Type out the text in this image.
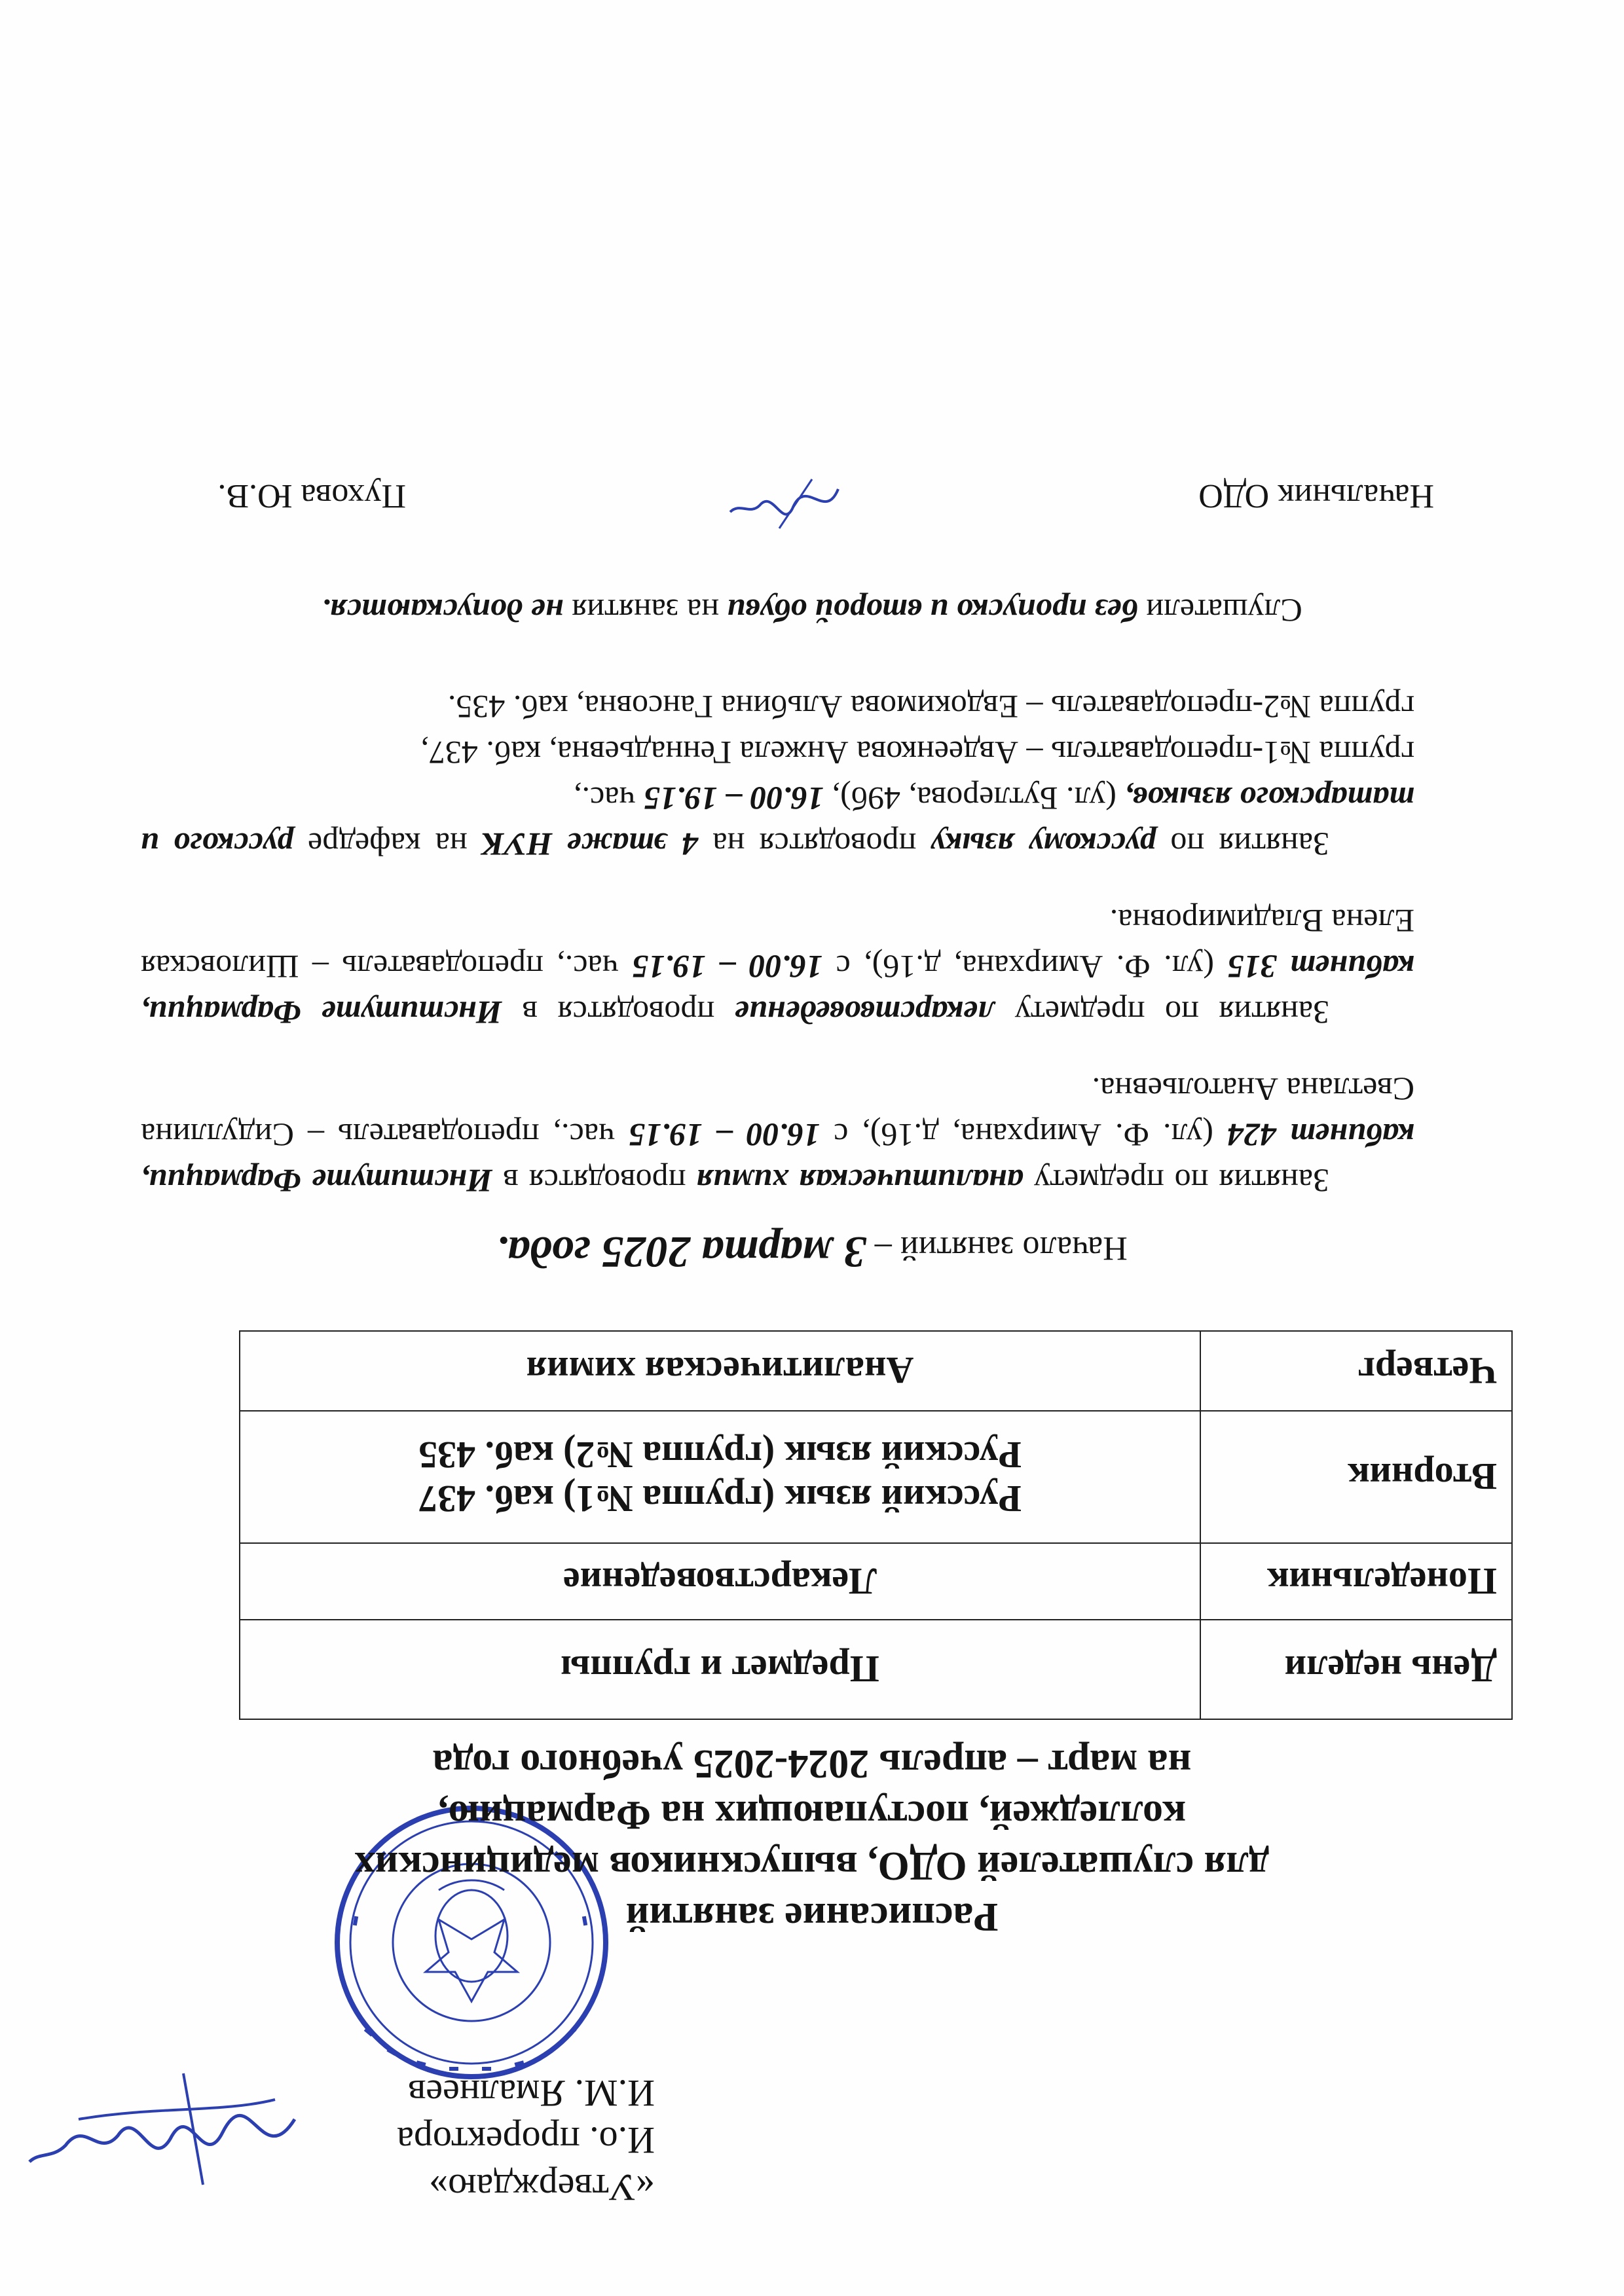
«Утверждаю»
И.о. проректора
И.М. Ямалнеев
Расписание занятий
для слушателей ОДО, выпускников медицинских
колледжей, поступающих на Фармацию,
на март – апрель 2024-2025 учебного года
День недели	Предмет и группы
Понедельник	Лекарствоведение
Вторник	Русский язык (группа №1) каб. 437
Русский язык (группа №2) каб. 435

Четверг	Аналитическая химия
Начало занятий – 3 марта 2025 года.

Занятия по предмету аналитическая химия проводятся в Институте Фармации, кабинет 424 (ул. Ф. Амирхана, д.16), с 16.00 – 19.15 час., преподаватель – Сидуллина Светлана Анатольевна.

Занятия по предмету лекарствоведение проводятся в Институте Фармации, кабинет 315 (ул. Ф. Амирхана, д.16), с 16.00 – 19.15 час., преподаватель – Шиловская Елена Владимировна.

Занятия по русскому языку проводятся на 4 этаже НУК на кафедре русского и татарского языков, (ул. Бутлерова, 49б), 16.00 – 19.15 час.,

группа №1-преподаватель – Авдеенкова Анжела Геннадьевна, каб. 437,
группа №2-преподаватель – Евдокимова Альбина Гансовна, каб. 435.
Слушатели без пропуско и второй обуви на занятия не допускаются.
Начальник ОДО
Пухова Ю.В.
